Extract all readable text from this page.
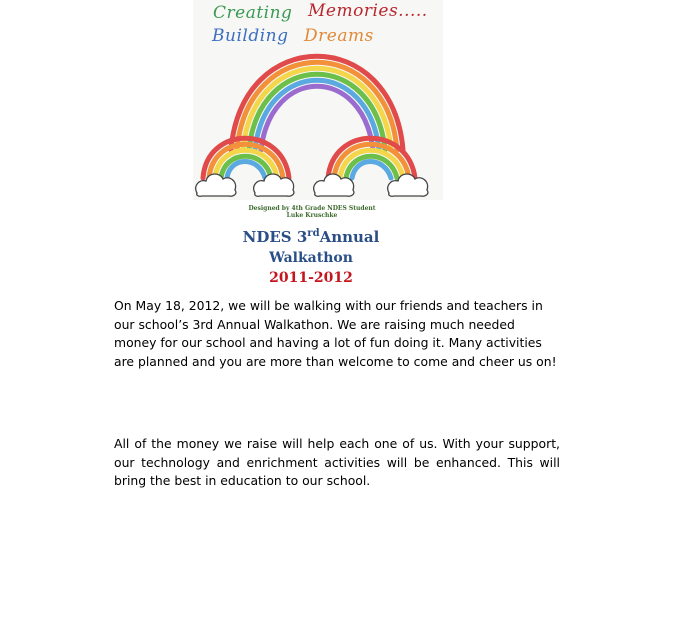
Creating
Building
Memories.....
Dreams
Designed by 4th Grade NDES Student
Luke Kruschke
NDES 3rdAnnual
Walkathon
2011-2012

On May 18, 2012, we will be walking with our friends and teachers in our school’s 3rd Annual Walkathon. We are raising much needed money for our school and having a lot of fun doing it. Many activities are planned and you are more than welcome to come and cheer us on!

All of the money we raise will help each one of us. With your support, our technology and enrichment activities will be enhanced. This will bring the best in education to our school.
